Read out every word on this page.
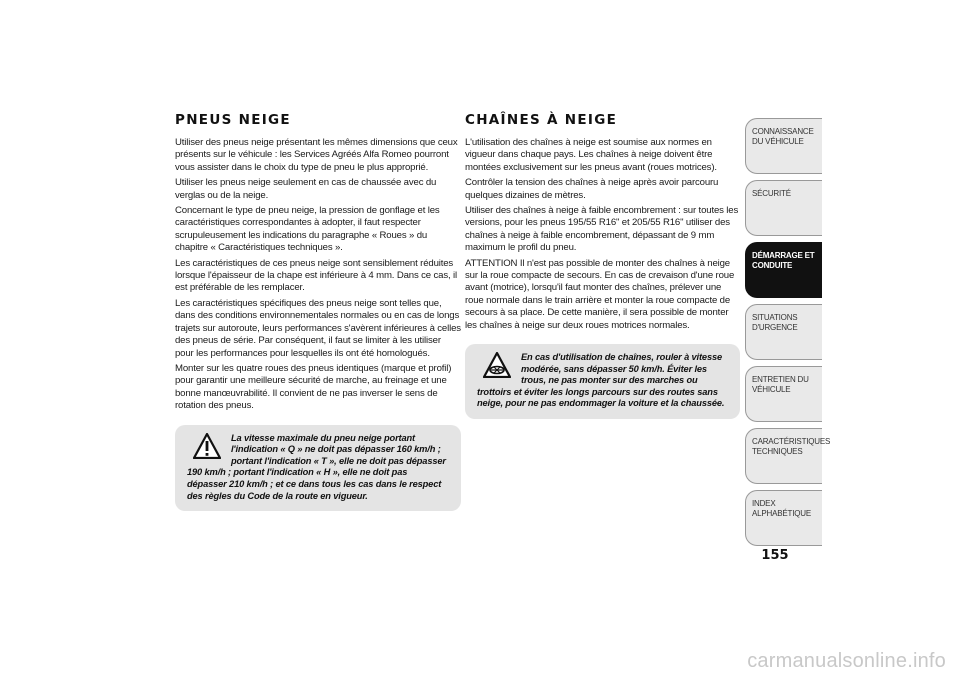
PNEUS NEIGE

Utiliser des pneus neige présentant les mêmes dimensions que ceux présents sur le véhicule : les Services Agréés Alfa Romeo pourront vous assister dans le choix du type de pneu le plus approprié.

Utiliser les pneus neige seulement en cas de chaussée avec du verglas ou de la neige.

Concernant le type de pneu neige, la pression de gonflage et les caractéristiques correspondantes à adopter, il faut respecter scrupuleusement les indications du paragraphe « Roues » du chapitre « Caractéristiques techniques ».

Les caractéristiques de ces pneus neige sont sensiblement réduites lorsque l'épaisseur de la chape est inférieure à 4 mm. Dans ce cas, il est préférable de les remplacer.

Les caractéristiques spécifiques des pneus neige sont telles que, dans des conditions environnementales normales ou en cas de longs trajets sur autoroute, leurs performances s'avèrent inférieures à celles des pneus de série. Par conséquent, il faut se limiter à les utiliser pour les performances pour lesquelles ils ont été homologués.

Monter sur les quatre roues des pneus identiques (marque et profil) pour garantir une meilleure sécurité de marche, au freinage et une bonne manœuvrabilité. Il convient de ne pas inverser le sens de rotation des pneus.

La vitesse maximale du pneu neige portant l'indication « Q » ne doit pas dépasser 160 km/h ; portant l'indication « T », elle ne doit pas dépasser 190 km/h ; portant l'indication « H », elle ne doit pas dépasser 210 km/h ; et ce dans tous les cas dans le respect des règles du Code de la route en vigueur.

CHAÎNES À NEIGE

L'utilisation des chaînes à neige est soumise aux normes en vigueur dans chaque pays. Les chaînes à neige doivent être montées exclusivement sur les pneus avant (roues motrices).

Contrôler la tension des chaînes à neige après avoir parcouru quelques dizaines de mètres.

Utiliser des chaînes à neige à faible encombrement : sur toutes les versions, pour les pneus 195/55 R16" et 205/55 R16" utiliser des chaînes à neige à faible encombrement, dépassant de 9 mm maximum le profil du pneu.

ATTENTION Il n'est pas possible de monter des chaînes à neige sur la roue compacte de secours. En cas de crevaison d'une roue avant (motrice), lorsqu'il faut monter des chaînes, prélever une roue normale dans le train arrière et monter la roue compacte de secours à sa place. De cette manière, il sera possible de monter les chaînes à neige sur deux roues motrices normales.

En cas d'utilisation de chaînes, rouler à vitesse modérée, sans dépasser 50 km/h. Éviter les trous, ne pas monter sur des marches ou trottoirs et éviter les longs parcours sur des routes sans neige, pour ne pas endommager la voiture et la chaussée.

CONNAISSANCE DU VÉHICULE
SÉCURITÉ
DÉMARRAGE ET CONDUITE
SITUATIONS D'URGENCE
ENTRETIEN DU VÉHICULE
CARACTÉRISTIQUES TECHNIQUES
INDEX ALPHABÉTIQUE
155
carmanualsonline.info
